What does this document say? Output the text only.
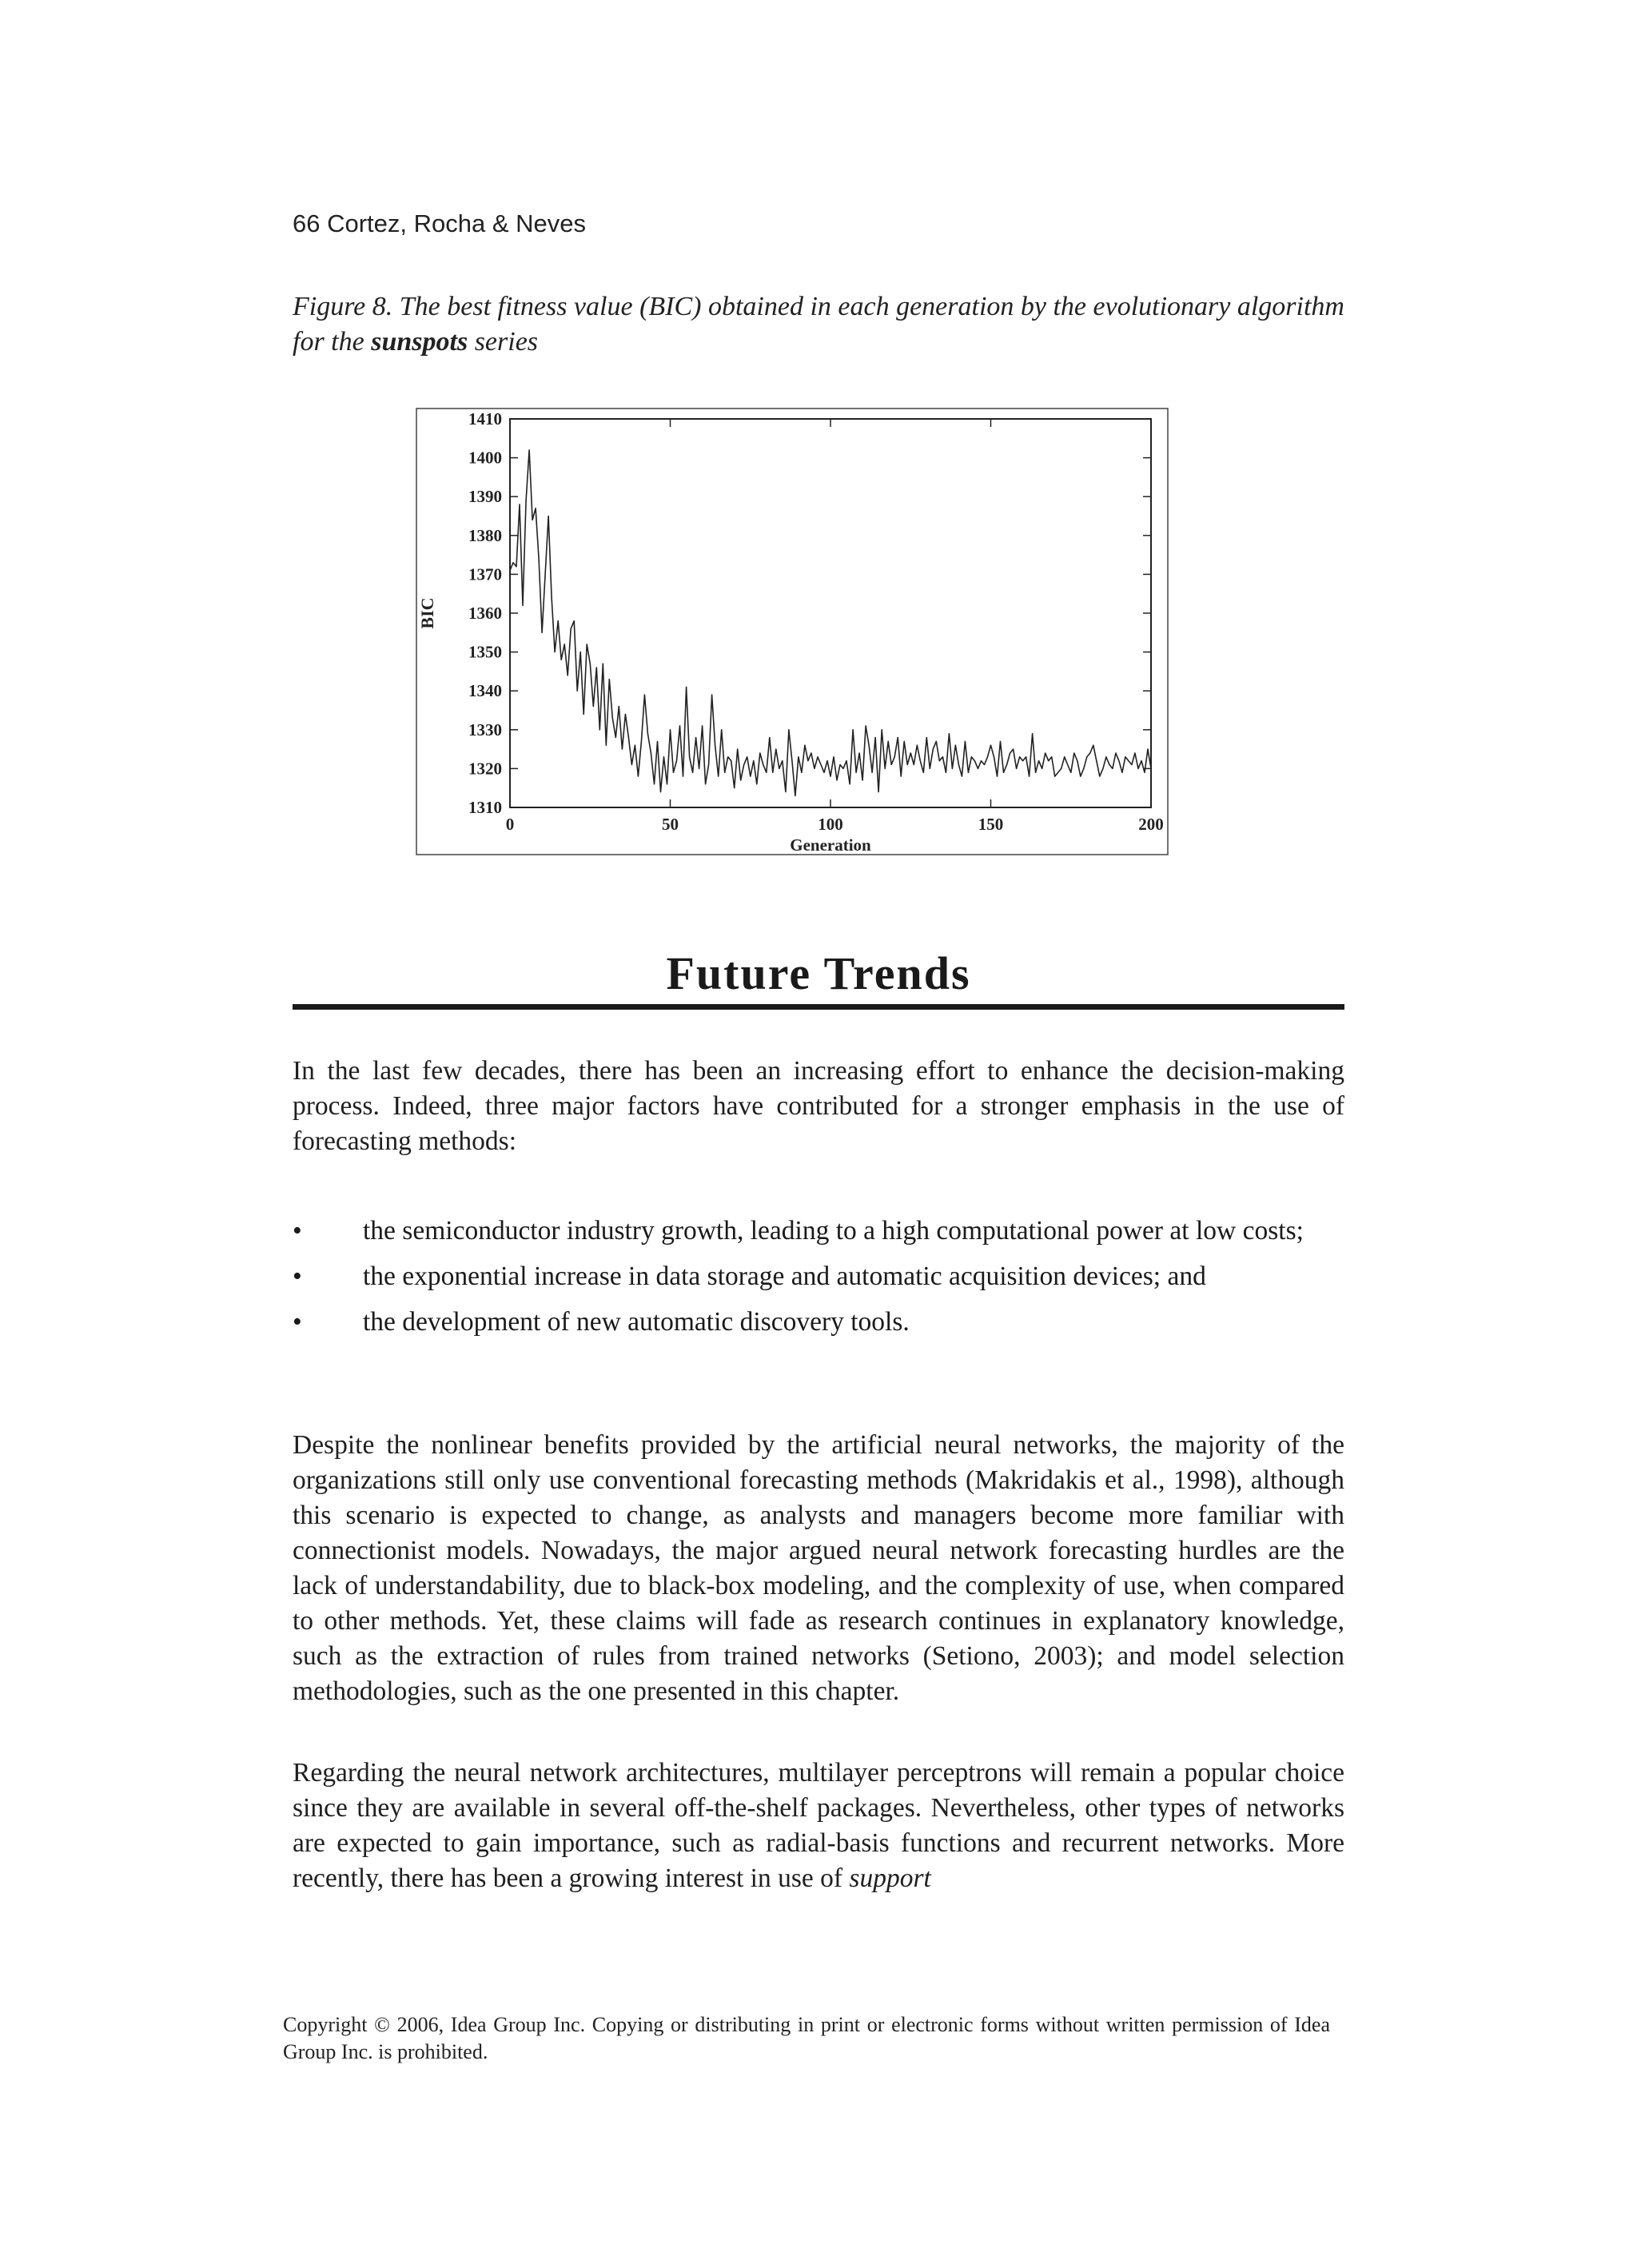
66 Cortez, Rocha & Neves
Figure 8. The best fitness value (BIC) obtained in each generation by the evolutionary algorithm for the sunspots series
1310
1320
1330
1340
1350
1360
1370
1380
1390
1400
1410
0	50	100	150	200
Generation
BIC
Future Trends
In the last few decades, there has been an increasing effort to enhance the decision-making process. Indeed, three major factors have contributed for a stronger emphasis in the use of forecasting methods:
•	the semiconductor industry growth, leading to a high computational power at low costs;
•	the exponential increase in data storage and automatic acquisition devices; and
•	the development of new automatic discovery tools.
Despite the nonlinear benefits provided by the artificial neural networks, the majority of the organizations still only use conventional forecasting methods (Makridakis et al., 1998), although this scenario is expected to change, as analysts and managers become more familiar with connectionist models. Nowadays, the major argued neural network forecasting hurdles are the lack of understandability, due to black-box modeling, and the complexity of use, when compared to other methods. Yet, these claims will fade as research continues in explanatory knowledge, such as the extraction of rules from trained networks (Setiono, 2003); and model selection methodologies, such as the one presented in this chapter.
Regarding the neural network architectures, multilayer perceptrons will remain a popular choice since they are available in several off-the-shelf packages. Nevertheless, other types of networks are expected to gain importance, such as radial-basis functions and recurrent networks. More recently, there has been a growing interest in use of support
Copyright © 2006, Idea Group Inc. Copying or distributing in print or electronic forms without written permission of Idea Group Inc. is prohibited.
